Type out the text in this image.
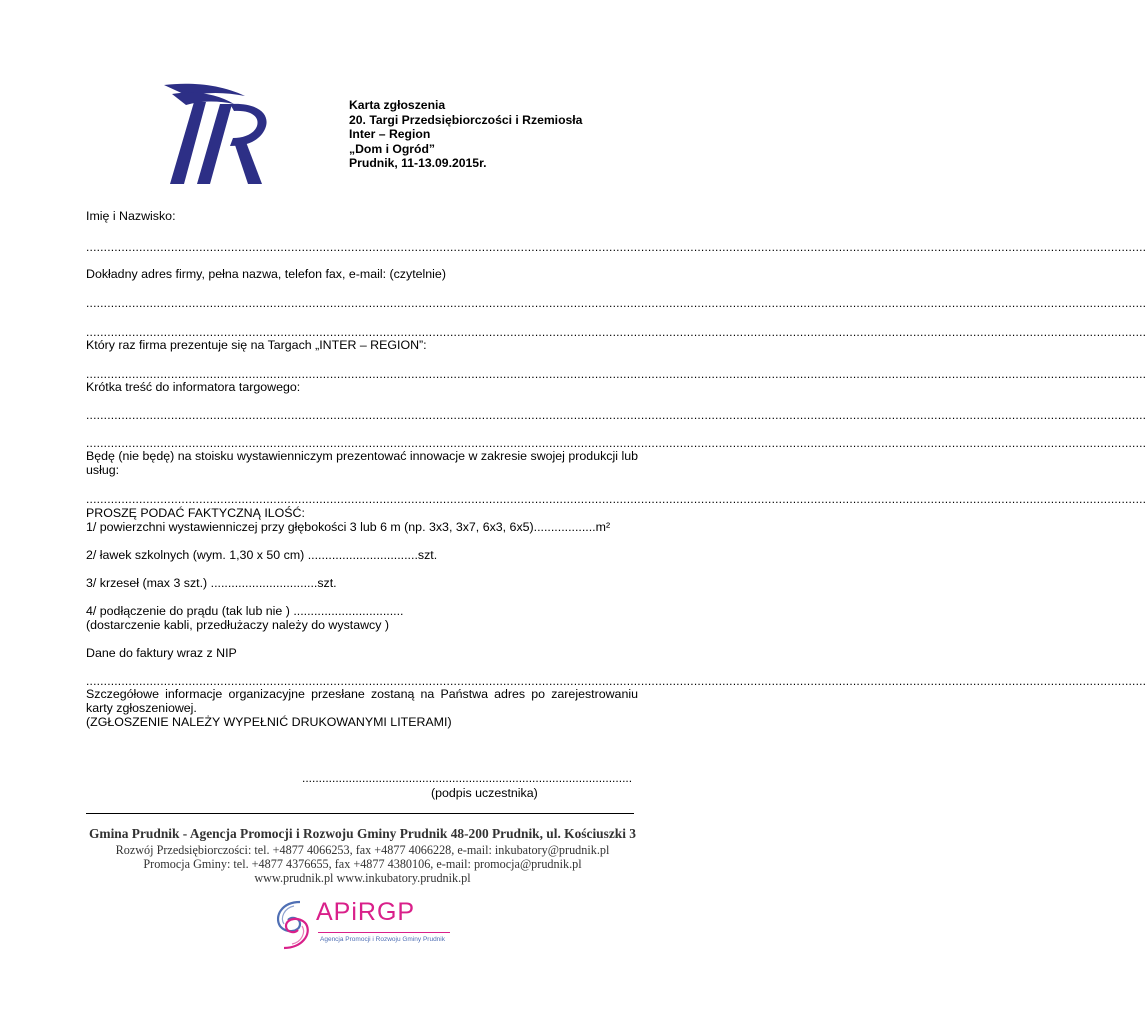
Karta zgłoszenia
20. Targi Przedsiębiorczości i Rzemiosła
Inter – Region
„Dom i Ogród”
Prudnik, 11-13.09.2015r.
Imię i Nazwisko:
............................................................................................................................................................................................................................................................................................................
Dokładny adres firmy, pełna nazwa, telefon fax, e-mail: (czytelnie)
............................................................................................................................................................................................................................................................................................................
............................................................................................................................................................................................................................................................................................................
Który raz firma prezentuje się na Targach „INTER – REGION”:
............................................................................................................................................................................................................................................................................................................
Krótka treść do informatora targowego:
............................................................................................................................................................................................................................................................................................................
............................................................................................................................................................................................................................................................................................................
Będę (nie będę) na stoisku wystawienniczym prezentować innowacje w zakresie swojej produkcji lub usług:
............................................................................................................................................................................................................................................................................................................
PROSZĘ PODAĆ FAKTYCZNĄ ILOŚĆ:
1/ powierzchni wystawienniczej przy głębokości 3 lub 6 m (np. 3x3, 3x7, 6x3, 6x5)..................m²
2/ ławek szkolnych (wym. 1,30 x 50 cm) ................................szt.
3/ krzeseł (max 3 szt.) ...............................szt.
4/ podłączenie do prądu (tak lub nie ) ................................
(dostarczenie kabli, przedłużaczy należy do wystawcy )
Dane do faktury wraz z NIP
............................................................................................................................................................................................................................................................................................................
Szczegółowe informacje organizacyjne przesłane zostaną na Państwa adres po zarejestrowaniu karty zgłoszeniowej.
(ZGŁOSZENIE NALEŻY WYPEŁNIĆ DRUKOWANYMI LITERAMI)
...................................................................................................
(podpis uczestnika)
Gmina Prudnik - Agencja Promocji i Rozwoju Gminy Prudnik 48-200 Prudnik, ul. Kościuszki 3
Rozwój Przedsiębiorczości: tel. +4877 4066253, fax +4877 4066228, e-mail: inkubatory@prudnik.pl
Promocja Gminy: tel. +4877 4376655, fax +4877 4380106, e-mail: promocja@prudnik.pl
www.prudnik.pl www.inkubatory.prudnik.pl
APiRGP
Agencja Promocji i Rozwoju Gminy Prudnik
